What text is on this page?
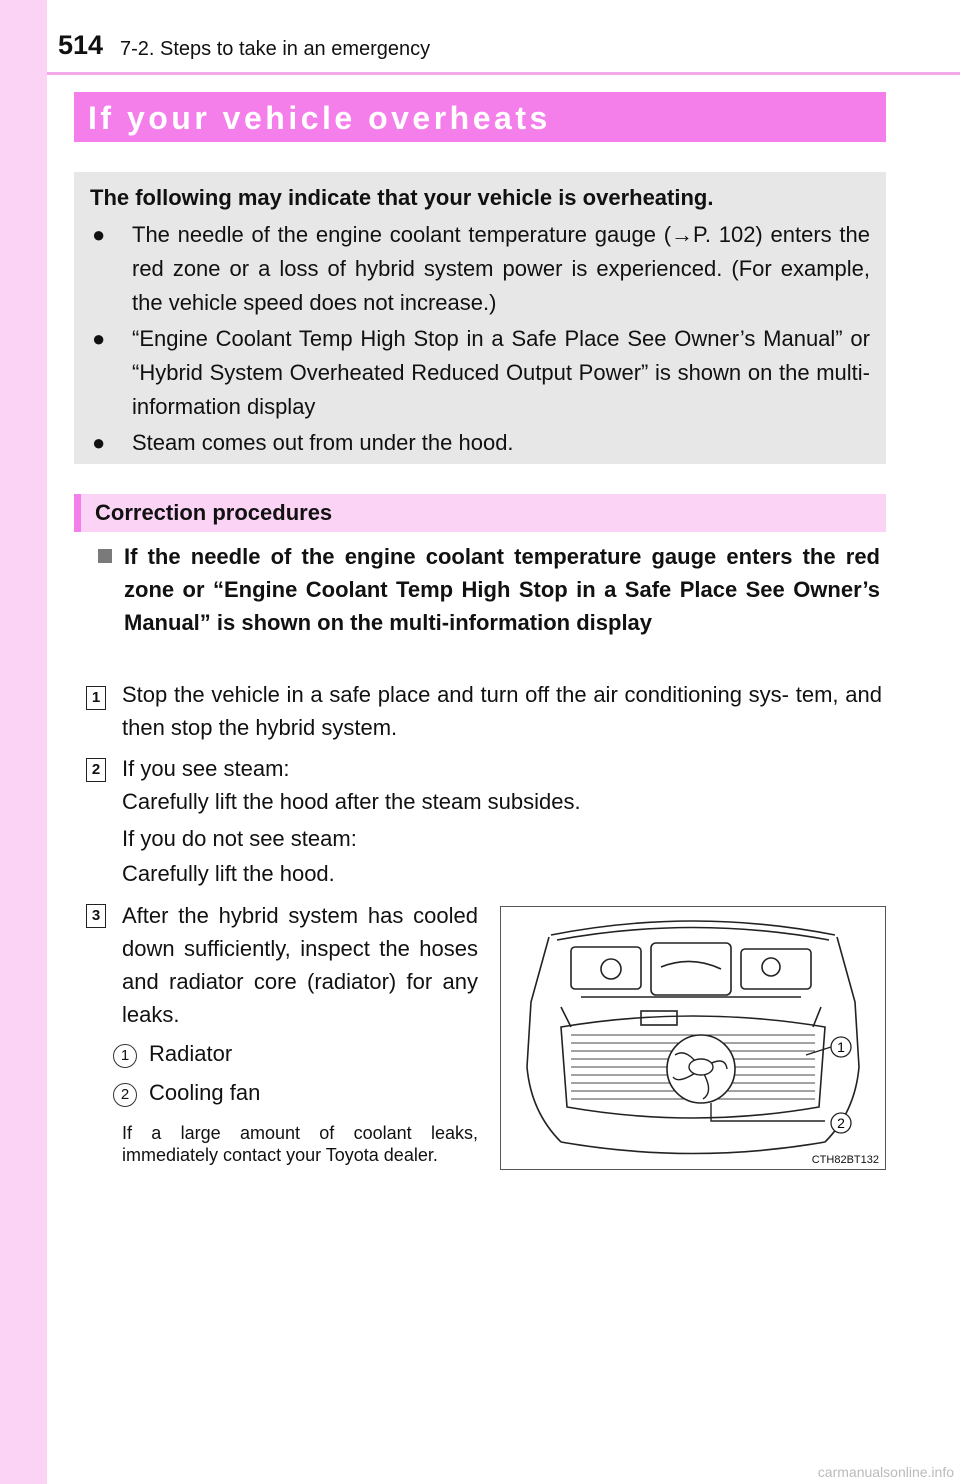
514 7-2. Steps to take in an emergency
If your vehicle overheats
The following may indicate that your vehicle is overheating.
● The needle of the engine coolant temperature gauge (→P. 102) enters the red zone or a loss of hybrid system power is experienced. (For example, the vehicle speed does not increase.)
● “Engine Coolant Temp High Stop in a Safe Place See Owner’s Manual” or “Hybrid System Overheated Reduced Output Power” is shown on the multi-information display
● Steam comes out from under the hood.
Correction procedures
If the needle of the engine coolant temperature gauge enters the red zone or “Engine Coolant Temp High Stop in a Safe Place See Owner’s Manual” is shown on the multi-information display
1 Stop the vehicle in a safe place and turn off the air conditioning sys- tem, and then stop the hybrid system.
2 If you see steam:
Carefully lift the hood after the steam subsides.
If you do not see steam:
Carefully lift the hood.
3 After the hybrid system has cooled down sufficiently, inspect the hoses and radiator core (radiator) for any leaks.
1 Radiator
2 Cooling fan
If a large amount of coolant leaks, immediately contact your Toyota dealer.
1
2
CTH82BT132
carmanualsonline.info
